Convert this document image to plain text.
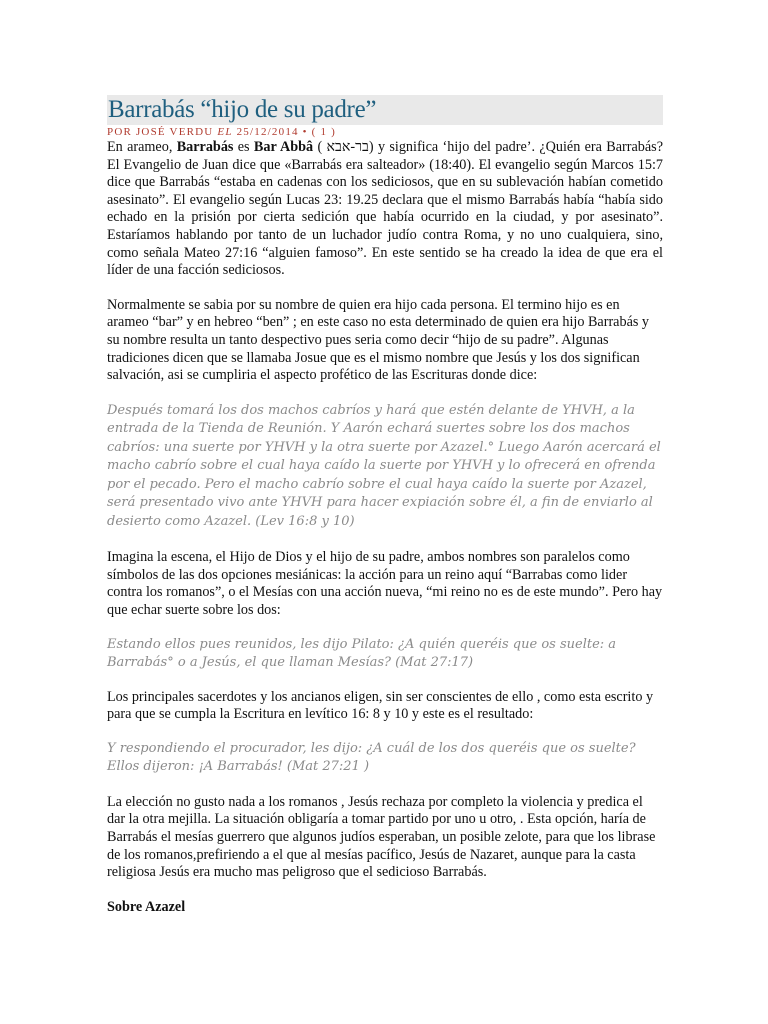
Barrabás “hijo de su padre”
POR JOSÉ VERDU EL 25/12/2014 • ( 1 )

En arameo, Barrabás es Bar Abbâ ( בר-אבא) y significa ‘hijo del padre’. ¿Quién era Barrabás? El Evangelio de Juan dice que «Barrabás era salteador» (18:40). El evangelio según Marcos 15:7 dice que Barrabás “estaba en cadenas con los sediciosos, que en su sublevación habían cometido asesinato”. El evangelio según Lucas 23: 19.25 declara que el mismo Barrabás había “había sido echado en la prisión por cierta sedición que había ocurrido en la ciudad, y por asesinato”. Estaríamos hablando por tanto de un luchador judío contra Roma, y no uno cualquiera, sino, como señala Mateo 27:16 “alguien famoso”. En este sentido se ha creado la idea de que era el líder de una facción sediciosos.

Normalmente se sabia por su nombre de quien era hijo cada persona. El termino hijo es en arameo “bar” y en hebreo “ben” ; en este caso no esta determinado de quien era hijo Barrabás y su nombre resulta un tanto despectivo pues seria como decir “hijo de su padre”. Algunas tradiciones dicen que se llamaba Josue que es el mismo nombre que Jesús y los dos significan salvación, asi se cumpliria el aspecto profético de las Escrituras donde dice:

Después tomará los dos machos cabríos y hará que estén delante de YHVH, a la entrada de la Tienda de Reunión. Y Aarón echará suertes sobre los dos machos cabríos: una suerte por YHVH y la otra suerte por Azazel.° Luego Aarón acercará el macho cabrío sobre el cual haya caído la suerte por YHVH y lo ofrecerá en ofrenda por el pecado. Pero el macho cabrío sobre el cual haya caído la suerte por Azazel, será presentado vivo ante YHVH para hacer expiación sobre él, a fin de enviarlo al desierto como Azazel. (Lev 16:8 y 10)

Imagina la escena, el Hijo de Dios y el hijo de su padre, ambos nombres son paralelos como símbolos de las dos opciones mesiánicas: la acción para un reino aquí “Barrabas como lider contra los romanos”, o el Mesías con una acción nueva, “mi reino no es de este mundo”. Pero hay que echar suerte sobre los dos:

Estando ellos pues reunidos, les dijo Pilato: ¿A quién queréis que os suelte: a Barrabás° o a Jesús, el que llaman Mesías? (Mat 27:17)

Los principales sacerdotes y los ancianos eligen, sin ser conscientes de ello , como esta escrito y para que se cumpla la Escritura en levítico 16: 8 y 10 y este es el resultado:

Y respondiendo el procurador, les dijo: ¿A cuál de los dos queréis que os suelte? Ellos dijeron: ¡A Barrabás! (Mat 27:21 )

La elección no gusto nada a los romanos , Jesús rechaza por completo la violencia y predica el dar la otra mejilla. La situación obligaría a tomar partido por uno u otro, . Esta opción, haría de Barrabás el mesías guerrero que algunos judíos esperaban, un posible zelote, para que los librase de los romanos,prefiriendo a el que al mesías pacífico, Jesús de Nazaret, aunque para la casta religiosa Jesús era mucho mas peligroso que el sedicioso Barrabás.

Sobre Azazel
